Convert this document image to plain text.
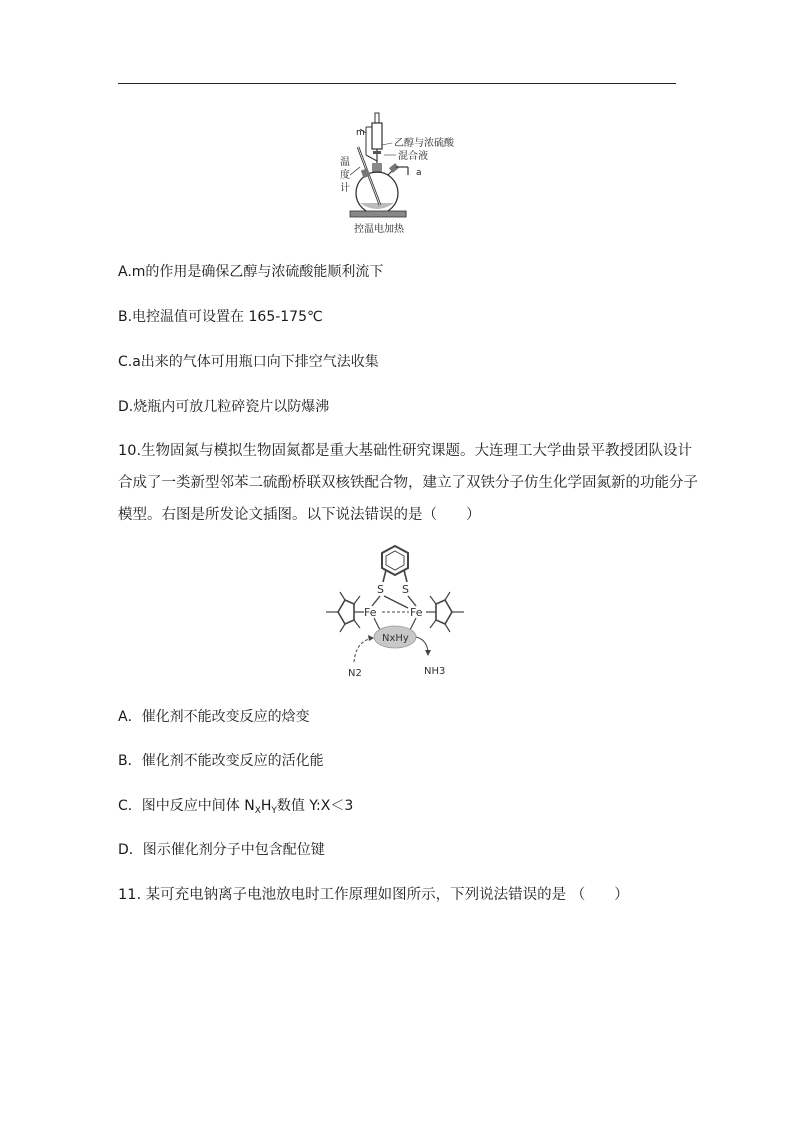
m
乙醇与浓硫酸
混合液
温
度
计
a
控温电加热
A.m的作用是确保乙醇与浓硫酸能顺利流下
B.电控温值可设置在 165-175℃
C.a出来的气体可用瓶口向下排空气法收集
D.烧瓶内可放几粒碎瓷片以防爆沸
10.生物固氮与模拟生物固氮都是重大基础性研究课题。大连理工大学曲景平教授团队设计
合成了一类新型邻苯二硫酚桥联双核铁配合物，建立了双铁分子仿生化学固氮新的功能分子
模型。右图是所发论文插图。以下说法错误的是（　　）
S S
Fe	Fe
NxHy
N2	NH3
A．催化剂不能改变反应的焓变
B．催化剂不能改变反应的活化能
C．图中反应中间体 $N_XH_Y$数值 Y:X＜3
D．图示催化剂分子中包含配位键
11. 某可充电钠离子电池放电时工作原理如图所示，下列说法错误的是 （　　）
